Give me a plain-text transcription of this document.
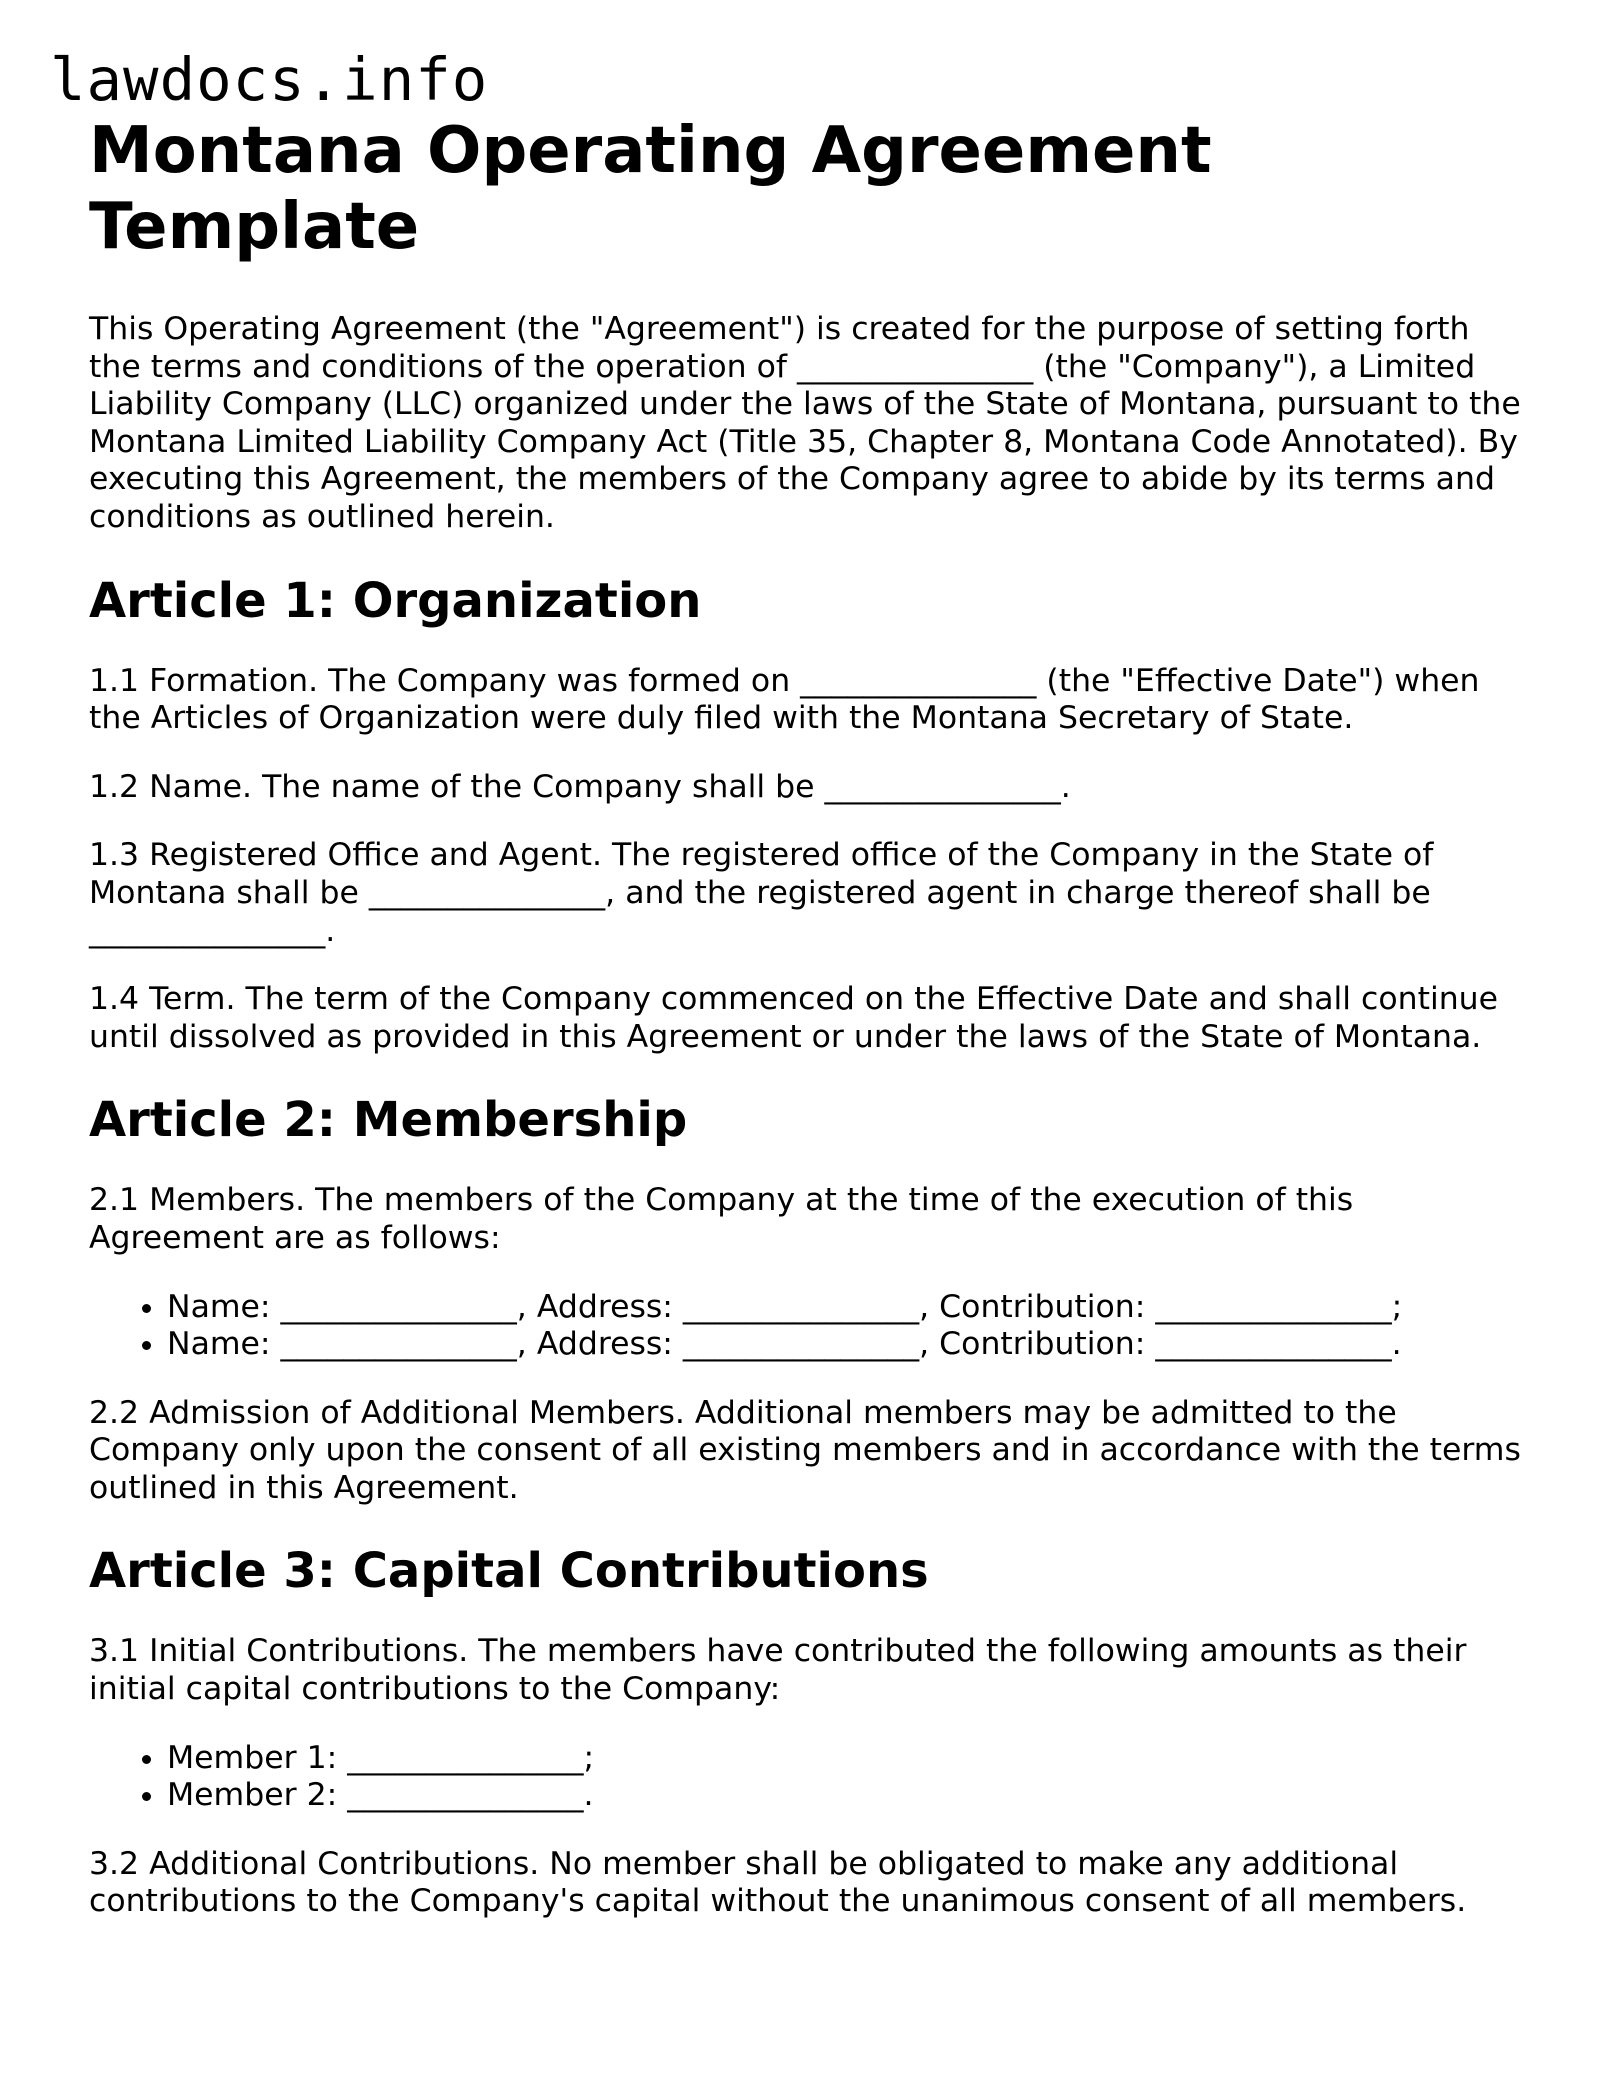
lawdocs.info
Montana Operating Agreement Template

This Operating Agreement (the "Agreement") is created for the purpose of setting forth the terms and conditions of the operation of _______________ (the "Company"), a Limited Liability Company (LLC) organized under the laws of the State of Montana, pursuant to the Montana Limited Liability Company Act (Title 35, Chapter 8, Montana Code Annotated). By executing this Agreement, the members of the Company agree to abide by its terms and conditions as outlined herein.

Article 1: Organization

1.1 Formation. The Company was formed on _______________ (the "Effective Date") when the Articles of Organization were duly filed with the Montana Secretary of State.

1.2 Name. The name of the Company shall be _______________.

1.3 Registered Office and Agent. The registered office of the Company in the State of Montana shall be _______________, and the registered agent in charge thereof shall be _______________.

1.4 Term. The term of the Company commenced on the Effective Date and shall continue until dissolved as provided in this Agreement or under the laws of the State of Montana.

Article 2: Membership

2.1 Members. The members of the Company at the time of the execution of this Agreement are as follows:

• Name: _______________, Address: _______________, Contribution: _______________;
• Name: _______________, Address: _______________, Contribution: _______________.

2.2 Admission of Additional Members. Additional members may be admitted to the Company only upon the consent of all existing members and in accordance with the terms outlined in this Agreement.

Article 3: Capital Contributions

3.1 Initial Contributions. The members have contributed the following amounts as their initial capital contributions to the Company:

• Member 1: _______________;
• Member 2: _______________.

3.2 Additional Contributions. No member shall be obligated to make any additional contributions to the Company's capital without the unanimous consent of all members.
